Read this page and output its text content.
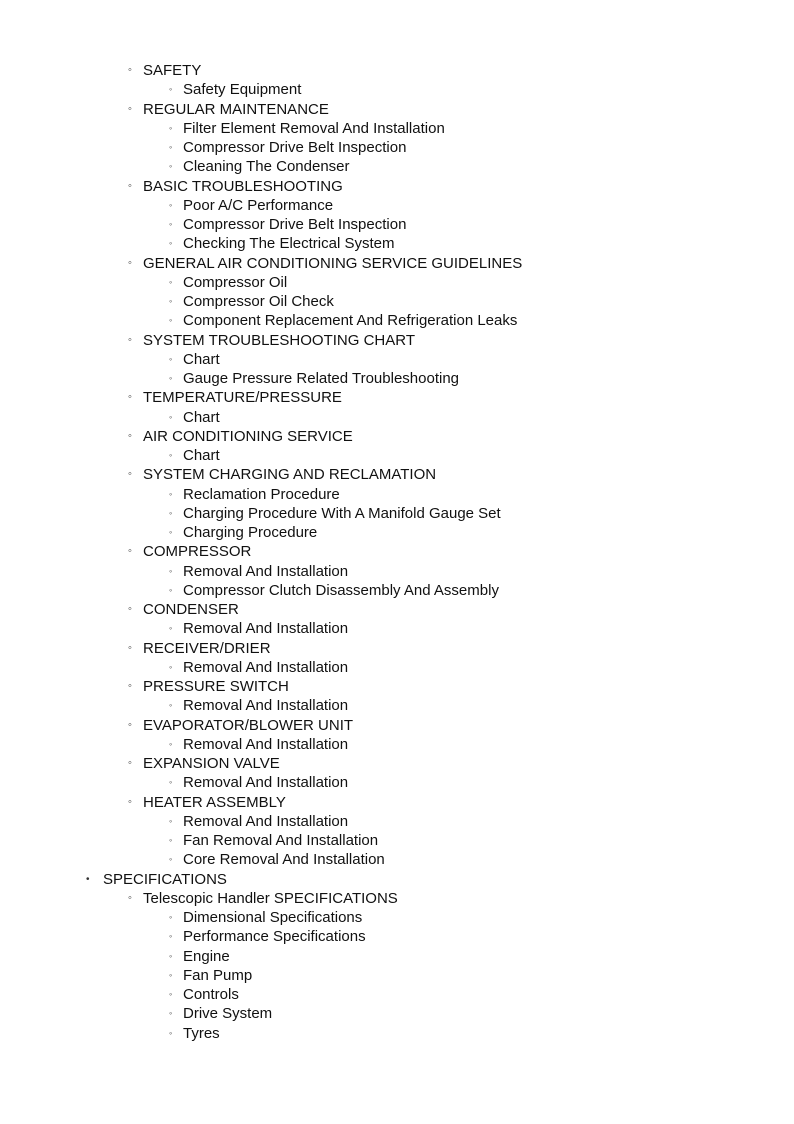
◦ SAFETY
◦ Safety Equipment
◦ REGULAR MAINTENANCE
◦ Filter Element Removal And Installation
◦ Compressor Drive Belt Inspection
◦ Cleaning The Condenser
◦ BASIC TROUBLESHOOTING
◦ Poor A/C Performance
◦ Compressor Drive Belt Inspection
◦ Checking The Electrical System
◦ GENERAL AIR CONDITIONING SERVICE GUIDELINES
◦ Compressor Oil
◦ Compressor Oil Check
◦ Component Replacement And Refrigeration Leaks
◦ SYSTEM TROUBLESHOOTING CHART
◦ Chart
◦ Gauge Pressure Related Troubleshooting
◦ TEMPERATURE/PRESSURE
◦ Chart
◦ AIR CONDITIONING SERVICE
◦ Chart
◦ SYSTEM CHARGING AND RECLAMATION
◦ Reclamation Procedure
◦ Charging Procedure With A Manifold Gauge Set
◦ Charging Procedure
◦ COMPRESSOR
◦ Removal And Installation
◦ Compressor Clutch Disassembly And Assembly
◦ CONDENSER
◦ Removal And Installation
◦ RECEIVER/DRIER
◦ Removal And Installation
◦ PRESSURE SWITCH
◦ Removal And Installation
◦ EVAPORATOR/BLOWER UNIT
◦ Removal And Installation
◦ EXPANSION VALVE
◦ Removal And Installation
◦ HEATER ASSEMBLY
◦ Removal And Installation
◦ Fan Removal And Installation
◦ Core Removal And Installation
• SPECIFICATIONS
◦ Telescopic Handler SPECIFICATIONS
◦ Dimensional Specifications
◦ Performance Specifications
◦ Engine
◦ Fan Pump
◦ Controls
◦ Drive System
◦ Tyres
